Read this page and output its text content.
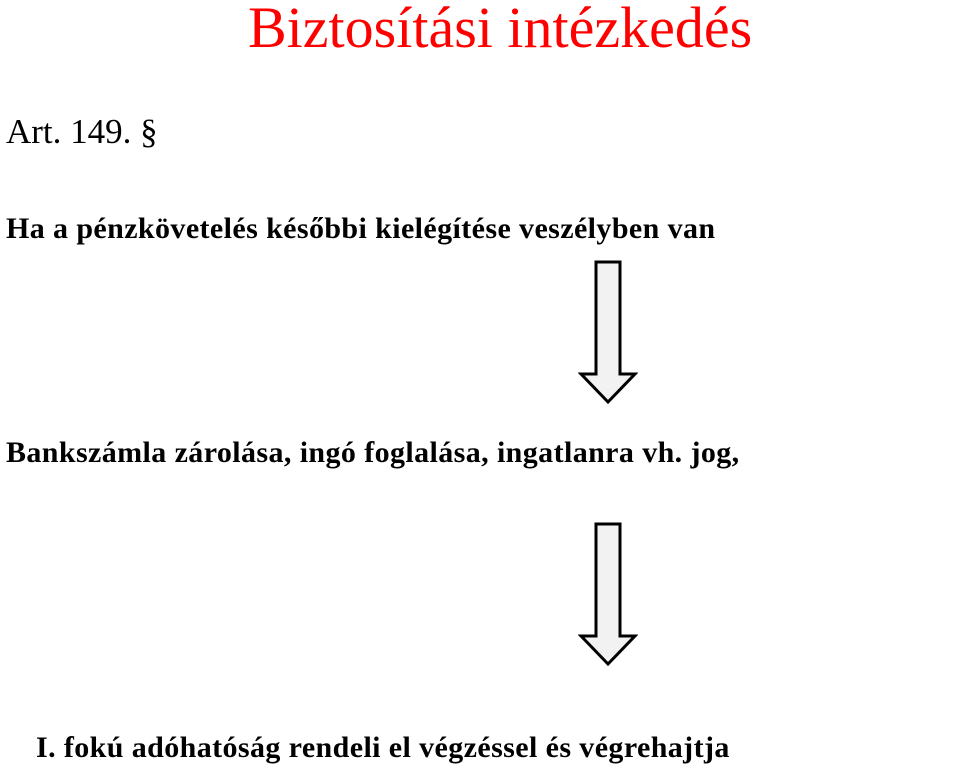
Biztosítási intézkedés
Art. 149. §
Ha a pénzkövetelés későbbi kielégítése veszélyben van
Bankszámla zárolása, ingó foglalása, ingatlanra vh. jog,
I. fokú adóhatóság rendeli el végzéssel és végrehajtja
